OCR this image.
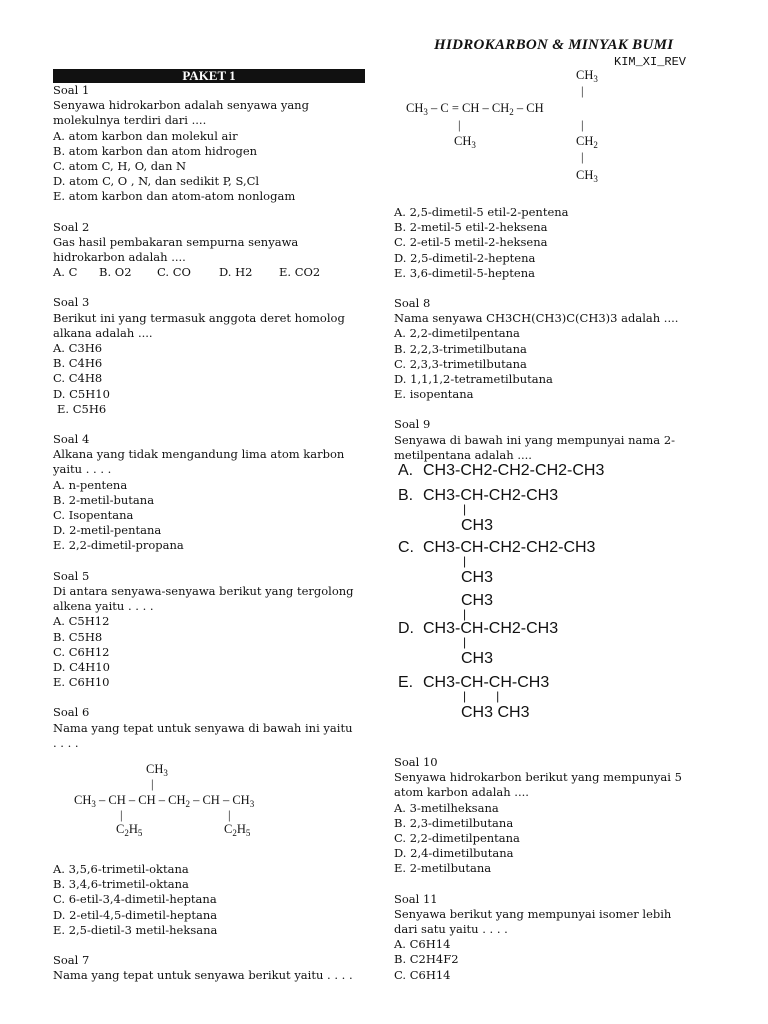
HIDROKARBON & MINYAK BUMI
KIM_XI_REV
PAKET 1
Soal 1
Senyawa hidrokarbon adalah senyawa yang
molekulnya terdiri dari ....
A. atom karbon dan molekul air
B. atom karbon dan atom hidrogen
C. atom C, H, O, dan N
D. atom C, O , N, dan sedikit P, S,Cl
E. atom karbon dan atom-atom nonlogam
Soal 2
Gas hasil pembakaran sempurna senyawa
hidrokarbon adalah ....
A. C	B. O2	C. CO	D. H2	E. CO2
Soal 3
Berikut ini yang termasuk anggota deret homolog
alkana adalah ....
A. C3H6
B. C4H6
C. C4H8
D. C5H10
E. C5H6
Soal 4
Alkana yang tidak mengandung lima atom karbon
yaitu . . . .
A. n-pentena
B. 2-metil-butana
C. Isopentana
D. 2-metil-pentana
E. 2,2-dimetil-propana
Soal 5
Di antara senyawa-senyawa berikut yang tergolong
alkena yaitu . . . .
A. C5H12
B. C5H8
C. C6H12
D. C4H10
E. C6H10
Soal 6
Nama yang tepat untuk senyawa di bawah ini yaitu
. . . .
$CH_3$
|
$CH_3$ – CH – CH – $CH_2$ – CH – $CH_3$
|	|
$C_2H_5$	$C_2H_5$
A. 3,5,6-trimetil-oktana
B. 3,4,6-trimetil-oktana
C. 6-etil-3,4-dimetil-heptana
D. 2-etil-4,5-dimetil-heptana
E. 2,5-dietil-3 metil-heksana
Soal 7
Nama yang tepat untuk senyawa berikut yaitu . . . .
$CH_3$
|
$CH_3$ – C = CH – $CH_2$ – CH
|	|
$CH_3$	$CH_2$
|
$CH_3$
A. 2,5-dimetil-5 etil-2-pentena
B. 2-metil-5 etil-2-heksena
C. 2-etil-5 metil-2-heksena
D. 2,5-dimetil-2-heptena
E. 3,6-dimetil-5-heptena
Soal 8
Nama senyawa CH3CH(CH3)C(CH3)3 adalah ....
A. 2,2-dimetilpentana
B. 2,2,3-trimetilbutana
C. 2,3,3-trimetilbutana
D. 1,1,1,2-tetrametilbutana
E. isopentana
Soal 9
Senyawa di bawah ini yang mempunyai nama 2-
metilpentana adalah ....
A. CH3-CH2-CH2-CH2-CH3
B. CH3-CH-CH2-CH3
|
CH3
C. CH3-CH-CH2-CH2-CH3
|
CH3
CH3
|
D. CH3-CH-CH2-CH3
|
CH3
E. CH3-CH-CH-CH3
|         |
CH3 CH3
Soal 10
Senyawa hidrokarbon berikut yang mempunyai 5
atom karbon adalah ....
A. 3-metilheksana
B. 2,3-dimetilbutana
C. 2,2-dimetilpentana
D. 2,4-dimetilbutana
E. 2-metilbutana
Soal 11
Senyawa berikut yang mempunyai isomer lebih
dari satu yaitu . . . .
A. C6H14
B. C2H4F2
C. C6H14
